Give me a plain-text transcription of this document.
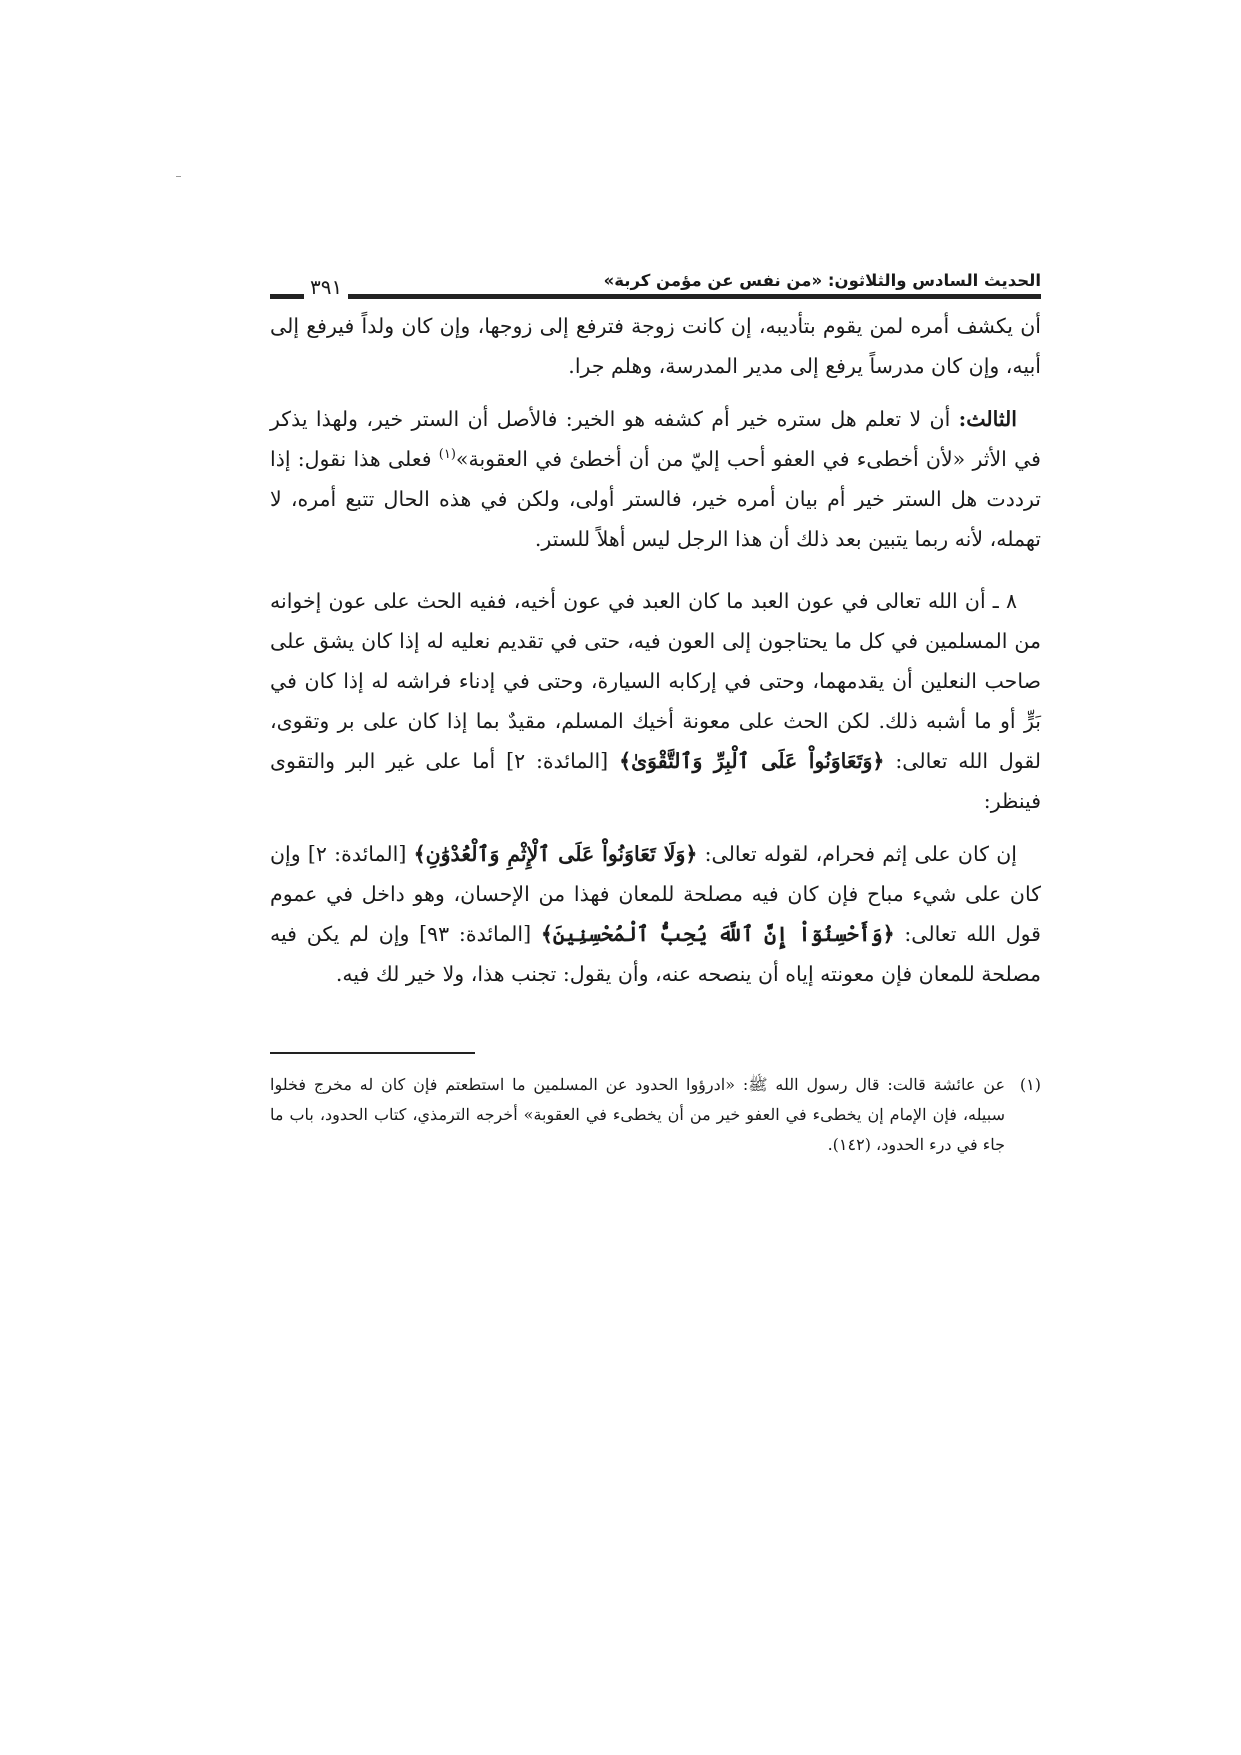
الحديث السادس والثلاثون: «من نفس عن مؤمن كربة»
٣٩١

أن يكشف أمره لمن يقوم بتأديبه، إن كانت زوجة فترفع إلى زوجها، وإن كان ولداً فيرفع إلى أبيه، وإن كان مدرساً يرفع إلى مدير المدرسة، وهلم جرا.

الثالث: أن لا تعلم هل ستره خير أم كشفه هو الخير: فالأصل أن الستر خير، ولهذا يذكر في الأثر «لأن أخطىء في العفو أحب إليّ من أن أخطئ في العقوبة»$^{(١)}$ فعلى هذا نقول: إذا ترددت هل الستر خير أم بيان أمره خير، فالستر أولى، ولكن في هذه الحال تتبع أمره، لا تهمله، لأنه ربما يتبين بعد ذلك أن هذا الرجل ليس أهلاً للستر.

٨ ـ أن الله تعالى في عون العبد ما كان العبد في عون أخيه، ففيه الحث على عون إخوانه من المسلمين في كل ما يحتاجون إلى العون فيه، حتى في تقديم نعليه له إذا كان يشق على صاحب النعلين أن يقدمهما، وحتى في إركابه السيارة، وحتى في إدناء فراشه له إذا كان في بَرٍّ أو ما أشبه ذلك. لكن الحث على معونة أخيك المسلم، مقيدٌ بما إذا كان على بر وتقوى، لقول الله تعالى: ﴿وَتَعَاوَنُواْ عَلَى ٱلْبِرِّ وَٱلتَّقْوَىٰ﴾ [المائدة: ٢] أما على غير البر والتقوى فينظر:

إن كان على إثم فحرام، لقوله تعالى: ﴿وَلَا تَعَاوَنُواْ عَلَى ٱلْإِثْمِ وَٱلْعُدْوَٰنِ﴾ [المائدة: ٢] وإن كان على شيء مباح فإن كان فيه مصلحة للمعان فهذا من الإحسان، وهو داخل في عموم قول الله تعالى: ﴿وَأَحْسِنُوٓاْ إِنَّ ٱللَّهَ يُحِبُّ ٱلْمُحْسِنِينَ﴾ [المائدة: ٩٣] وإن لم يكن فيه مصلحة للمعان فإن معونته إياه أن ينصحه عنه، وأن يقول: تجنب هذا، ولا خير لك فيه.

(١)
عن عائشة قالت: قال رسول الله ﷺ: «ادرؤوا الحدود عن المسلمين ما استطعتم فإن كان له مخرج فخلوا سبيله، فإن الإمام إن يخطىء في العفو خير من أن يخطىء في العقوبة» أخرجه الترمذي، كتاب الحدود، باب ما جاء في درء الحدود، (١٤٢).
